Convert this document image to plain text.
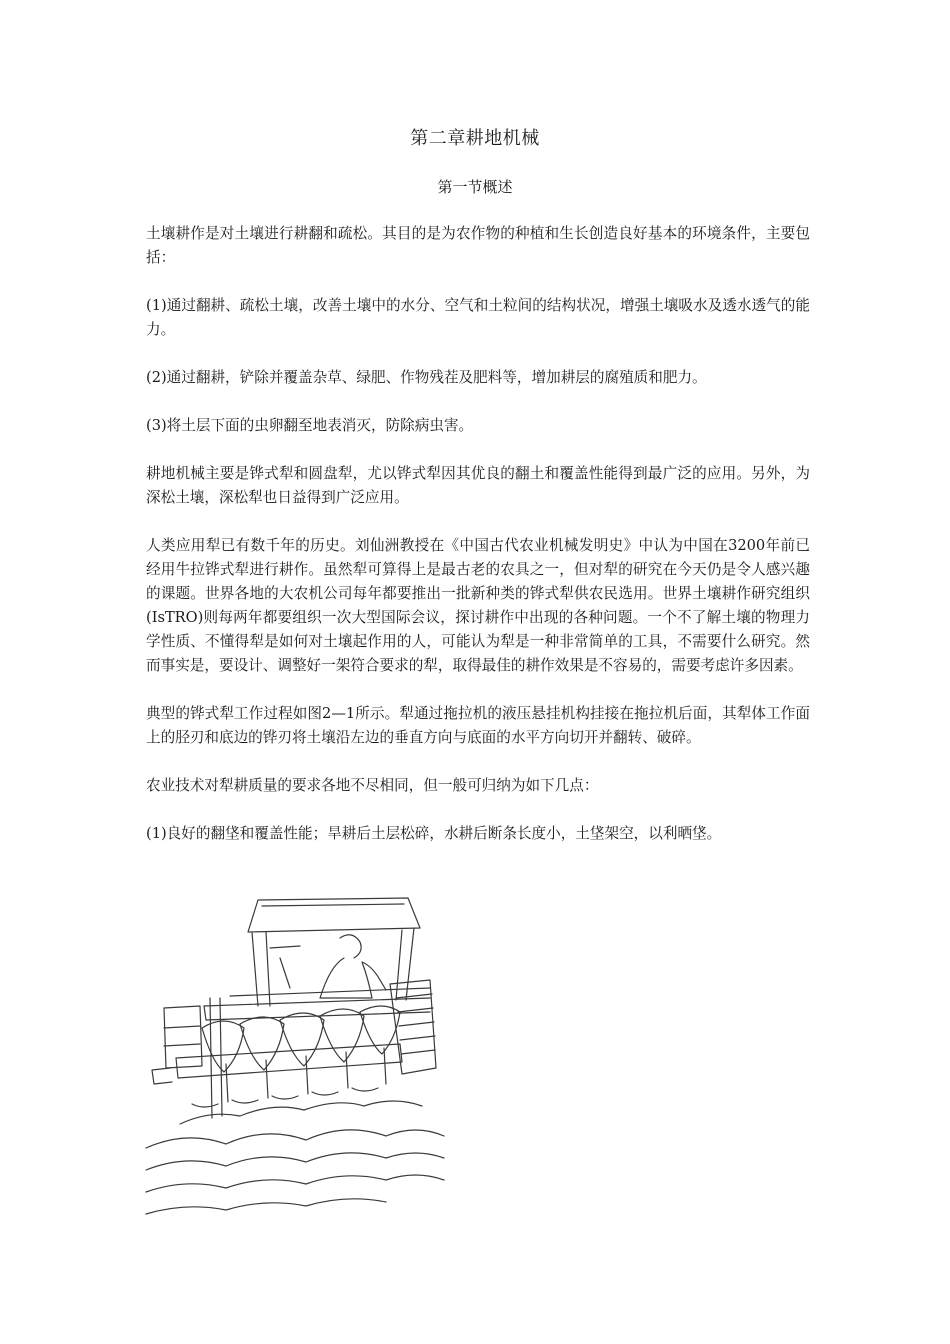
第二章耕地机械
第一节概述

土壤耕作是对土壤进行耕翻和疏松。其目的是为农作物的种植和生长创造良好基本的环境条件，主要包括：

(1)通过翻耕、疏松土壤，改善土壤中的水分、空气和土粒间的结构状况，增强土壤吸水及透水透气的能力。

(2)通过翻耕，铲除并覆盖杂草、绿肥、作物残茬及肥料等，增加耕层的腐殖质和肥力。

(3)将土层下面的虫卵翻至地表消灭，防除病虫害。

耕地机械主要是铧式犁和圆盘犁，尤以铧式犁因其优良的翻土和覆盖性能得到最广泛的应用。另外，为深松土壤，深松犁也日益得到广泛应用。

人类应用犁已有数千年的历史。刘仙洲教授在《中国古代农业机械发明史》中认为中国在3200年前已经用牛拉铧式犁进行耕作。虽然犁可算得上是最古老的农具之一，但对犁的研究在今天仍是令人感兴趣的课题。世界各地的大农机公司每年都要推出一批新种类的铧式犁供农民选用。世界土壤耕作研究组织(IsTRO)则每两年都要组织一次大型国际会议，探讨耕作中出现的各种问题。一个不了解土壤的物理力学性质、不懂得犁是如何对土壤起作用的人，可能认为犁是一种非常简单的工具，不需要什么研究。然而事实是，要设计、调整好一架符合要求的犁，取得最佳的耕作效果是不容易的，需要考虑许多因素。

典型的铧式犁工作过程如图2—1所示。犁通过拖拉机的液压悬挂机构挂接在拖拉机后面，其犁体工作面上的胫刃和底边的铧刃将土壤沿左边的垂直方向与底面的水平方向切开并翻转、破碎。

农业技术对犁耕质量的要求各地不尽相同，但一般可归纳为如下几点：

(1)良好的翻垡和覆盖性能；旱耕后土层松碎，水耕后断条长度小，土垡架空，以利晒垡。
